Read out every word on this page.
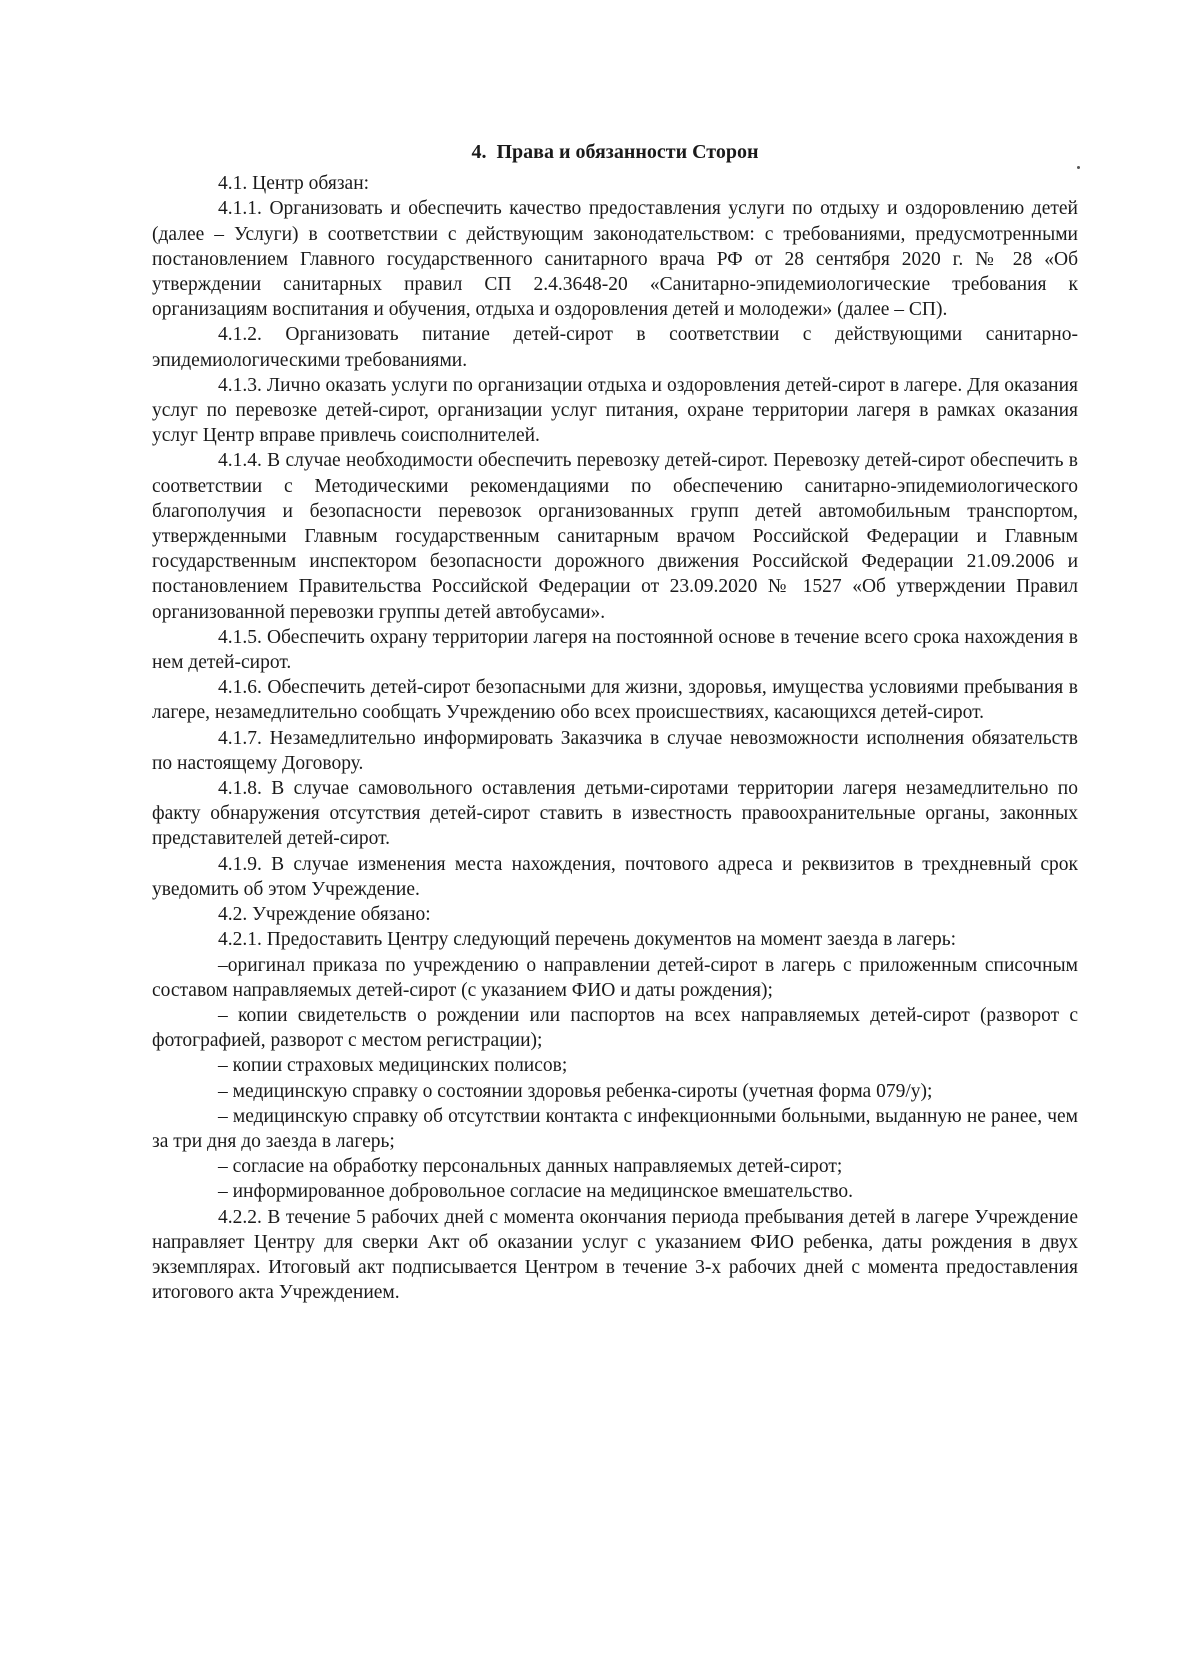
4. Права и обязанности Сторон

4.1. Центр обязан:

4.1.1. Организовать и обеспечить качество предоставления услуги по отдыху и оздоровлению детей (далее – Услуги) в соответствии с действующим законодательством: с требованиями, предусмотренными постановлением Главного государственного санитарного врача РФ от 28 сентября 2020 г. № 28 «Об утверждении санитарных правил СП 2.4.3648-20 «Санитарно-эпидемиологические требования к организациям воспитания и обучения, отдыха и оздоровления детей и молодежи» (далее – СП).

4.1.2. Организовать питание детей-сирот в соответствии с действующими санитарно-эпидемиологическими требованиями.

4.1.3. Лично оказать услуги по организации отдыха и оздоровления детей-сирот в лагере. Для оказания услуг по перевозке детей-сирот, организации услуг питания, охране территории лагеря в рамках оказания услуг Центр вправе привлечь соисполнителей.

4.1.4. В случае необходимости обеспечить перевозку детей-сирот. Перевозку детей-сирот обеспечить в соответствии с Методическими рекомендациями по обеспечению санитарно-эпидемиологического благополучия и безопасности перевозок организованных групп детей автомобильным транспортом, утвержденными Главным государственным санитарным врачом Российской Федерации и Главным государственным инспектором безопасности дорожного движения Российской Федерации 21.09.2006 и постановлением Правительства Российской Федерации от 23.09.2020 № 1527 «Об утверждении Правил организованной перевозки группы детей автобусами».

4.1.5. Обеспечить охрану территории лагеря на постоянной основе в течение всего срока нахождения в нем детей-сирот.

4.1.6. Обеспечить детей-сирот безопасными для жизни, здоровья, имущества условиями пребывания в лагере, незамедлительно сообщать Учреждению обо всех происшествиях, касающихся детей-сирот.

4.1.7. Незамедлительно информировать Заказчика в случае невозможности исполнения обязательств по настоящему Договору.

4.1.8. В случае самовольного оставления детьми-сиротами территории лагеря незамедлительно по факту обнаружения отсутствия детей-сирот ставить в известность правоохранительные органы, законных представителей детей-сирот.

4.1.9. В случае изменения места нахождения, почтового адреса и реквизитов в трехдневный срок уведомить об этом Учреждение.

4.2. Учреждение обязано:

4.2.1. Предоставить Центру следующий перечень документов на момент заезда в лагерь:

–оригинал приказа по учреждению о направлении детей-сирот в лагерь с приложенным списочным составом направляемых детей-сирот (с указанием ФИО и даты рождения);

– копии свидетельств о рождении или паспортов на всех направляемых детей-сирот (разворот с фотографией, разворот с местом регистрации);

– копии страховых медицинских полисов;

– медицинскую справку о состоянии здоровья ребенка-сироты (учетная форма 079/у);

– медицинскую справку об отсутствии контакта с инфекционными больными, выданную не ранее, чем за три дня до заезда в лагерь;

– согласие на обработку персональных данных направляемых детей-сирот;

– информированное добровольное согласие на медицинское вмешательство.

4.2.2. В течение 5 рабочих дней с момента окончания периода пребывания детей в лагере Учреждение направляет Центру для сверки Акт об оказании услуг с указанием ФИО ребенка, даты рождения в двух экземплярах. Итоговый акт подписывается Центром в течение 3-х рабочих дней с момента предоставления итогового акта Учреждением.
